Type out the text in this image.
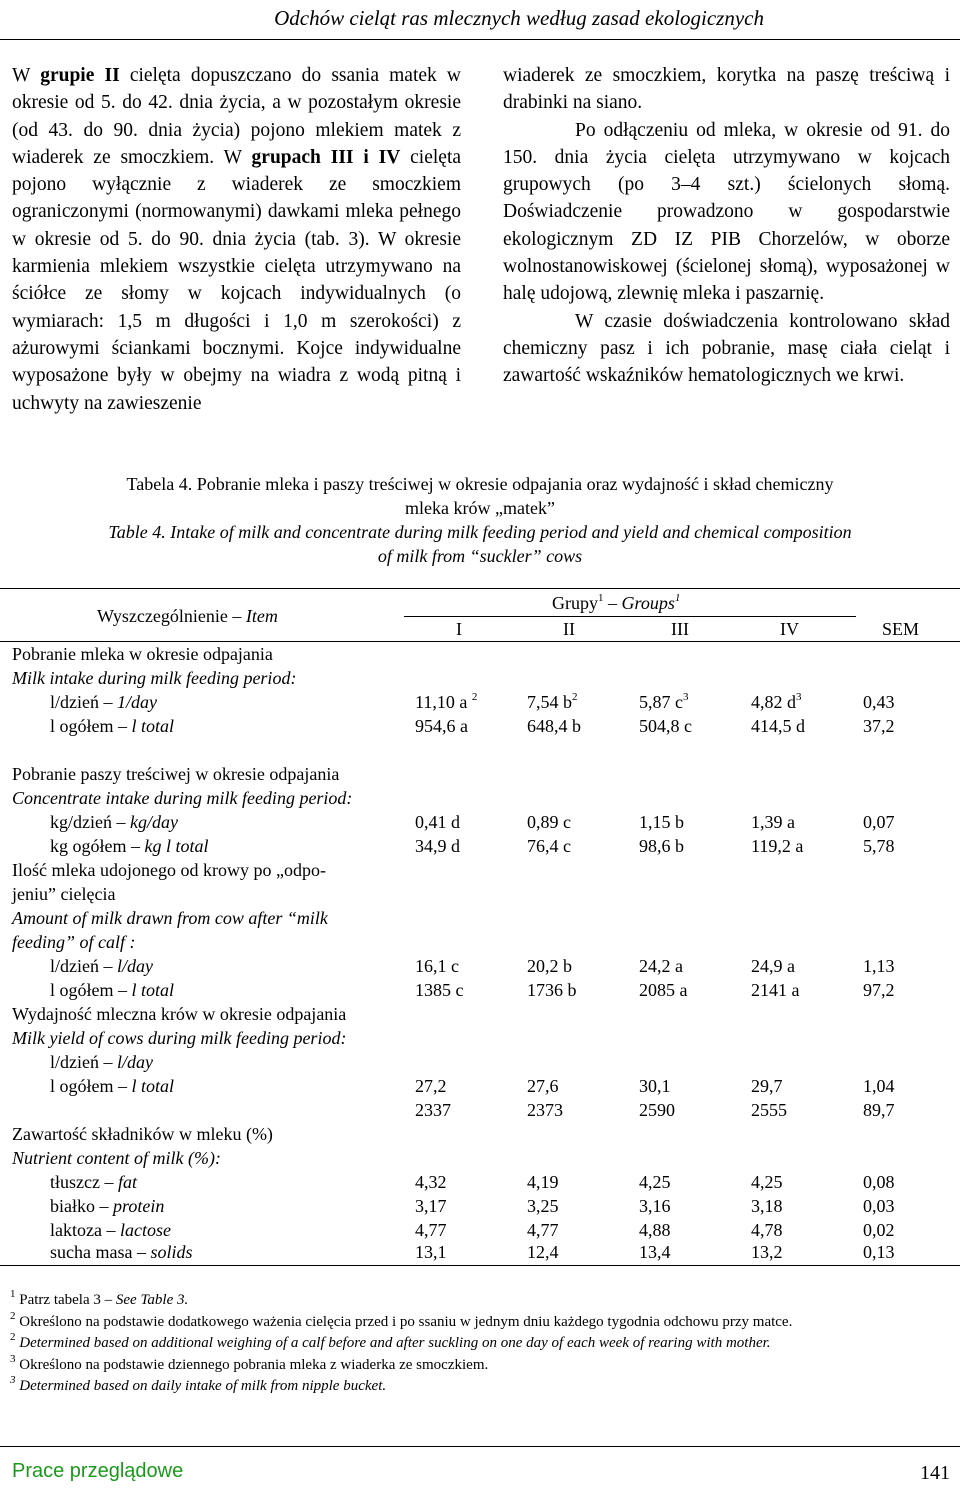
Odchów cieląt ras mlecznych według zasad ekologicznych

W grupie II cielęta dopuszczano do ssania matek w okresie od 5. do 42. dnia życia, a w pozostałym okresie (od 43. do 90. dnia życia) pojono mlekiem matek z wiaderek ze smoczkiem. W grupach III i IV cielęta pojono wyłącznie z wiaderek ze smoczkiem ograniczonymi (normowanymi) dawkami mleka pełnego w okresie od 5. do 90. dnia życia (tab. 3). W okresie karmienia mlekiem wszystkie cielęta utrzymywano na ściółce ze słomy w kojcach indywidualnych (o wymiarach: 1,5 m długości i 1,0 m szerokości) z ażurowymi ściankami bocznymi. Kojce indywidualne wyposażone były w obejmy na wiadra z wodą pitną i uchwyty na zawieszenie

wiaderek ze smoczkiem, korytka na paszę treściwą i drabinki na siano.

Po odłączeniu od mleka, w okresie od 91. do 150. dnia życia cielęta utrzymywano w kojcach grupowych (po 3–4 szt.) ścielonych słomą. Doświadczenie prowadzono w gospodarstwie ekologicznym ZD IZ PIB Chorzelów, w oborze wolnostanowiskowej (ścielonej słomą), wyposażonej w halę udojową, zlewnię mleka i paszarnię.

W czasie doświadczenia kontrolowano skład chemiczny pasz i ich pobranie, masę ciała cieląt i zawartość wskaźników hematologicznych we krwi.

Tabela 4. Pobranie mleka i paszy treściwej w okresie odpajania oraz wydajność i skład chemiczny
mleka krów „matek”
Table 4. Intake of milk and concentrate during milk feeding period and yield and chemical composition
of milk from “suckler” cows
Wyszczególnienie – Item
Grupy$^1$ – Groups$^1$
I	II	III	IV	SEM
Pobranie mleka w okresie odpajania
Milk intake during milk feeding period:
l/dzień – 1/day	11,10 a $^2$	7,54 $b^2$	5,87 $c^3$	4,82 $d^3$	0,43
l ogółem – l total	954,6 a	648,4 b	504,8 c	414,5 d	37,2
Pobranie paszy treściwej w okresie odpajania
Concentrate intake during milk feeding period:
kg/dzień – kg/day	0,41 d	0,89 c	1,15 b	1,39 a	0,07
kg ogółem – kg l total	34,9 d	76,4 c	98,6 b	119,2 a	5,78
Ilość mleka udojonego od krowy po „odpo-
jeniu” cielęcia
Amount of milk drawn from cow after “milk
feeding” of calf :
l/dzień – l/day	16,1 c	20,2 b	24,2 a	24,9 a	1,13
l ogółem – l total	1385 c	1736 b	2085 a	2141 a	97,2
Wydajność mleczna krów w okresie odpajania
Milk yield of cows during milk feeding period:
l/dzień – l/day
l ogółem – l total	27,2	27,6	30,1	29,7	1,04
2337	2373	2590	2555	89,7
Zawartość składników w mleku (%)
Nutrient content of milk (%):
tłuszcz – fat	4,32	4,19	4,25	4,25	0,08
białko – protein	3,17	3,25	3,16	3,18	0,03
laktoza – lactose	4,77	4,77	4,88	4,78	0,02
sucha masa – solids	13,1	12,4	13,4	13,2	0,13
$^1$ Patrz tabela 3 – See Table 3.
$^2$ Określono na podstawie dodatkowego ważenia cielęcia przed i po ssaniu w jednym dniu każdego tygodnia odchowu przy matce.
$^2$ Determined based on additional weighing of a calf before and after suckling on one day of each week of rearing with mother.
$^3$ Określono na podstawie dziennego pobrania mleka z wiaderka ze smoczkiem.
$^3$ Determined based on daily intake of milk from nipple bucket.
Prace przeglądowe	141
